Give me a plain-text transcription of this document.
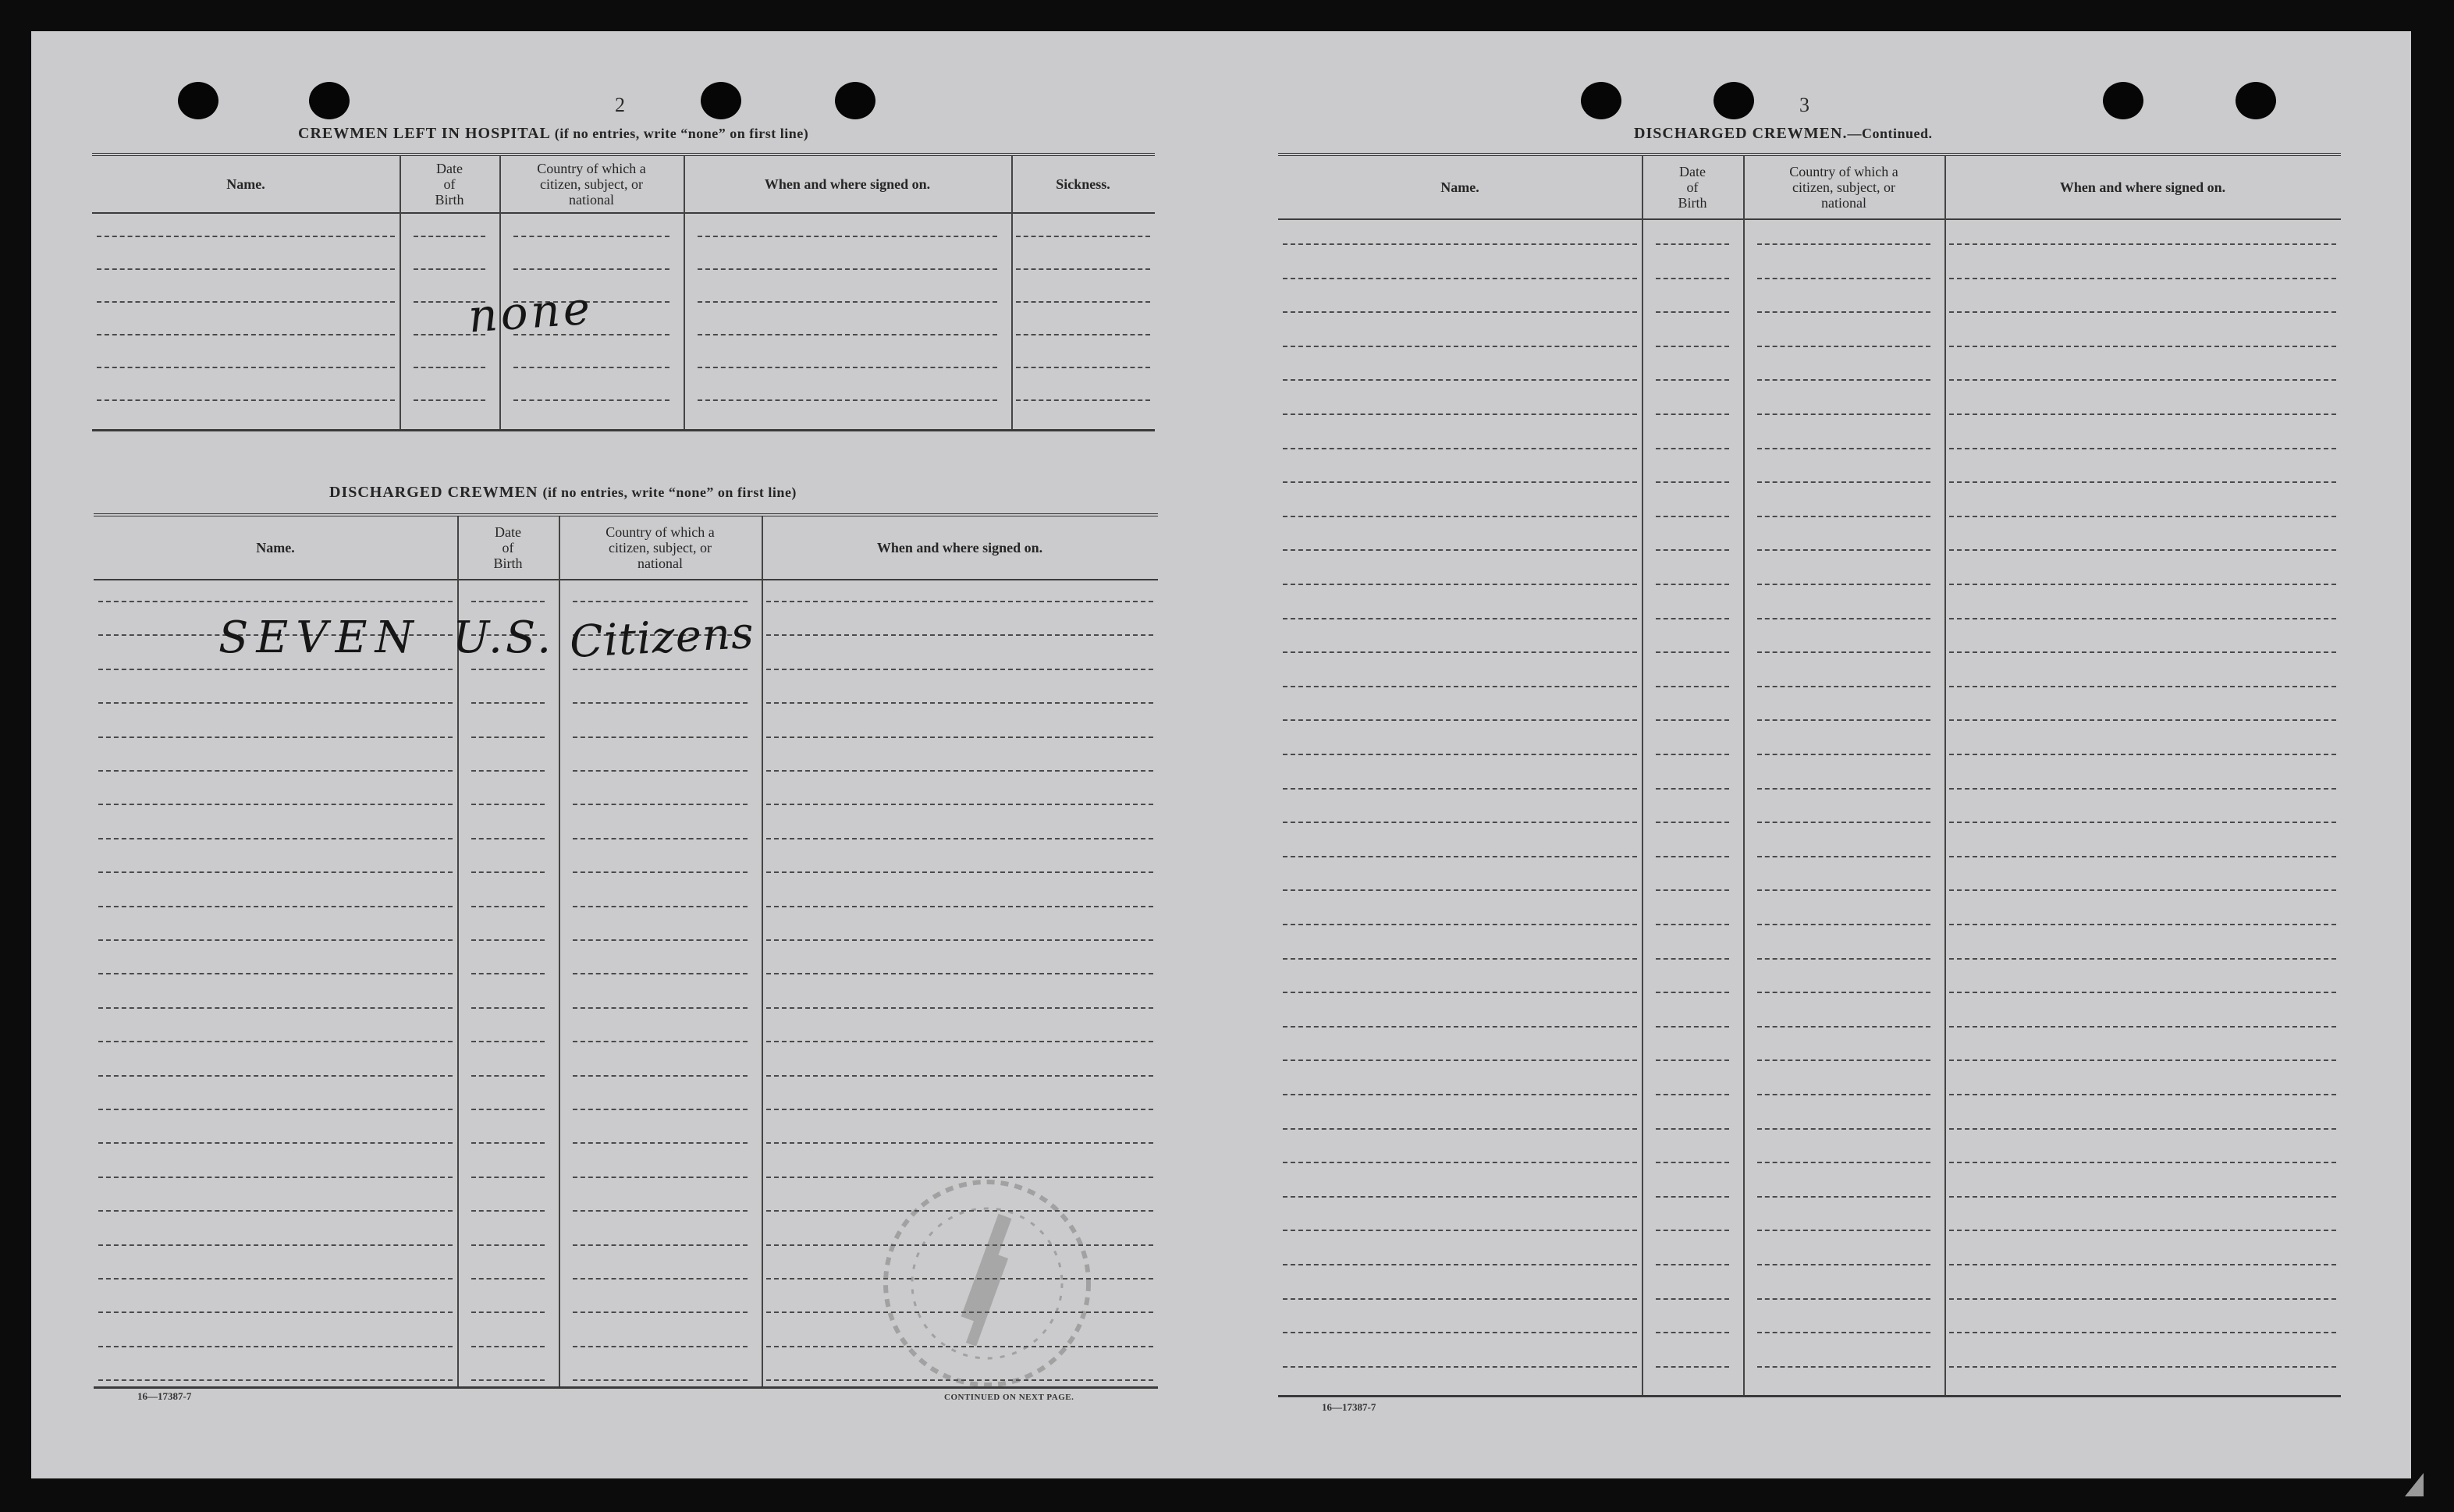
2
CREWMEN LEFT IN HOSPITAL (if no entries, write “none” on first line)
Name.
Date
of
Birth
Country of which a
citizen, subject, or
national
When and where signed on.	Sickness.
none
DISCHARGED CREWMEN (if no entries, write “none” on first line)
Name.
Date
of
Birth
Country of which a
citizen, subject, or
national
When and where signed on.
SEVEN U.S. Citizens
16—17387-7	CONTINUED ON NEXT PAGE.
3
DISCHARGED CREWMEN.—Continued.
Name.
Date
of
Birth
Country of which a
citizen, subject, or
national
When and where signed on.
16—17387-7
